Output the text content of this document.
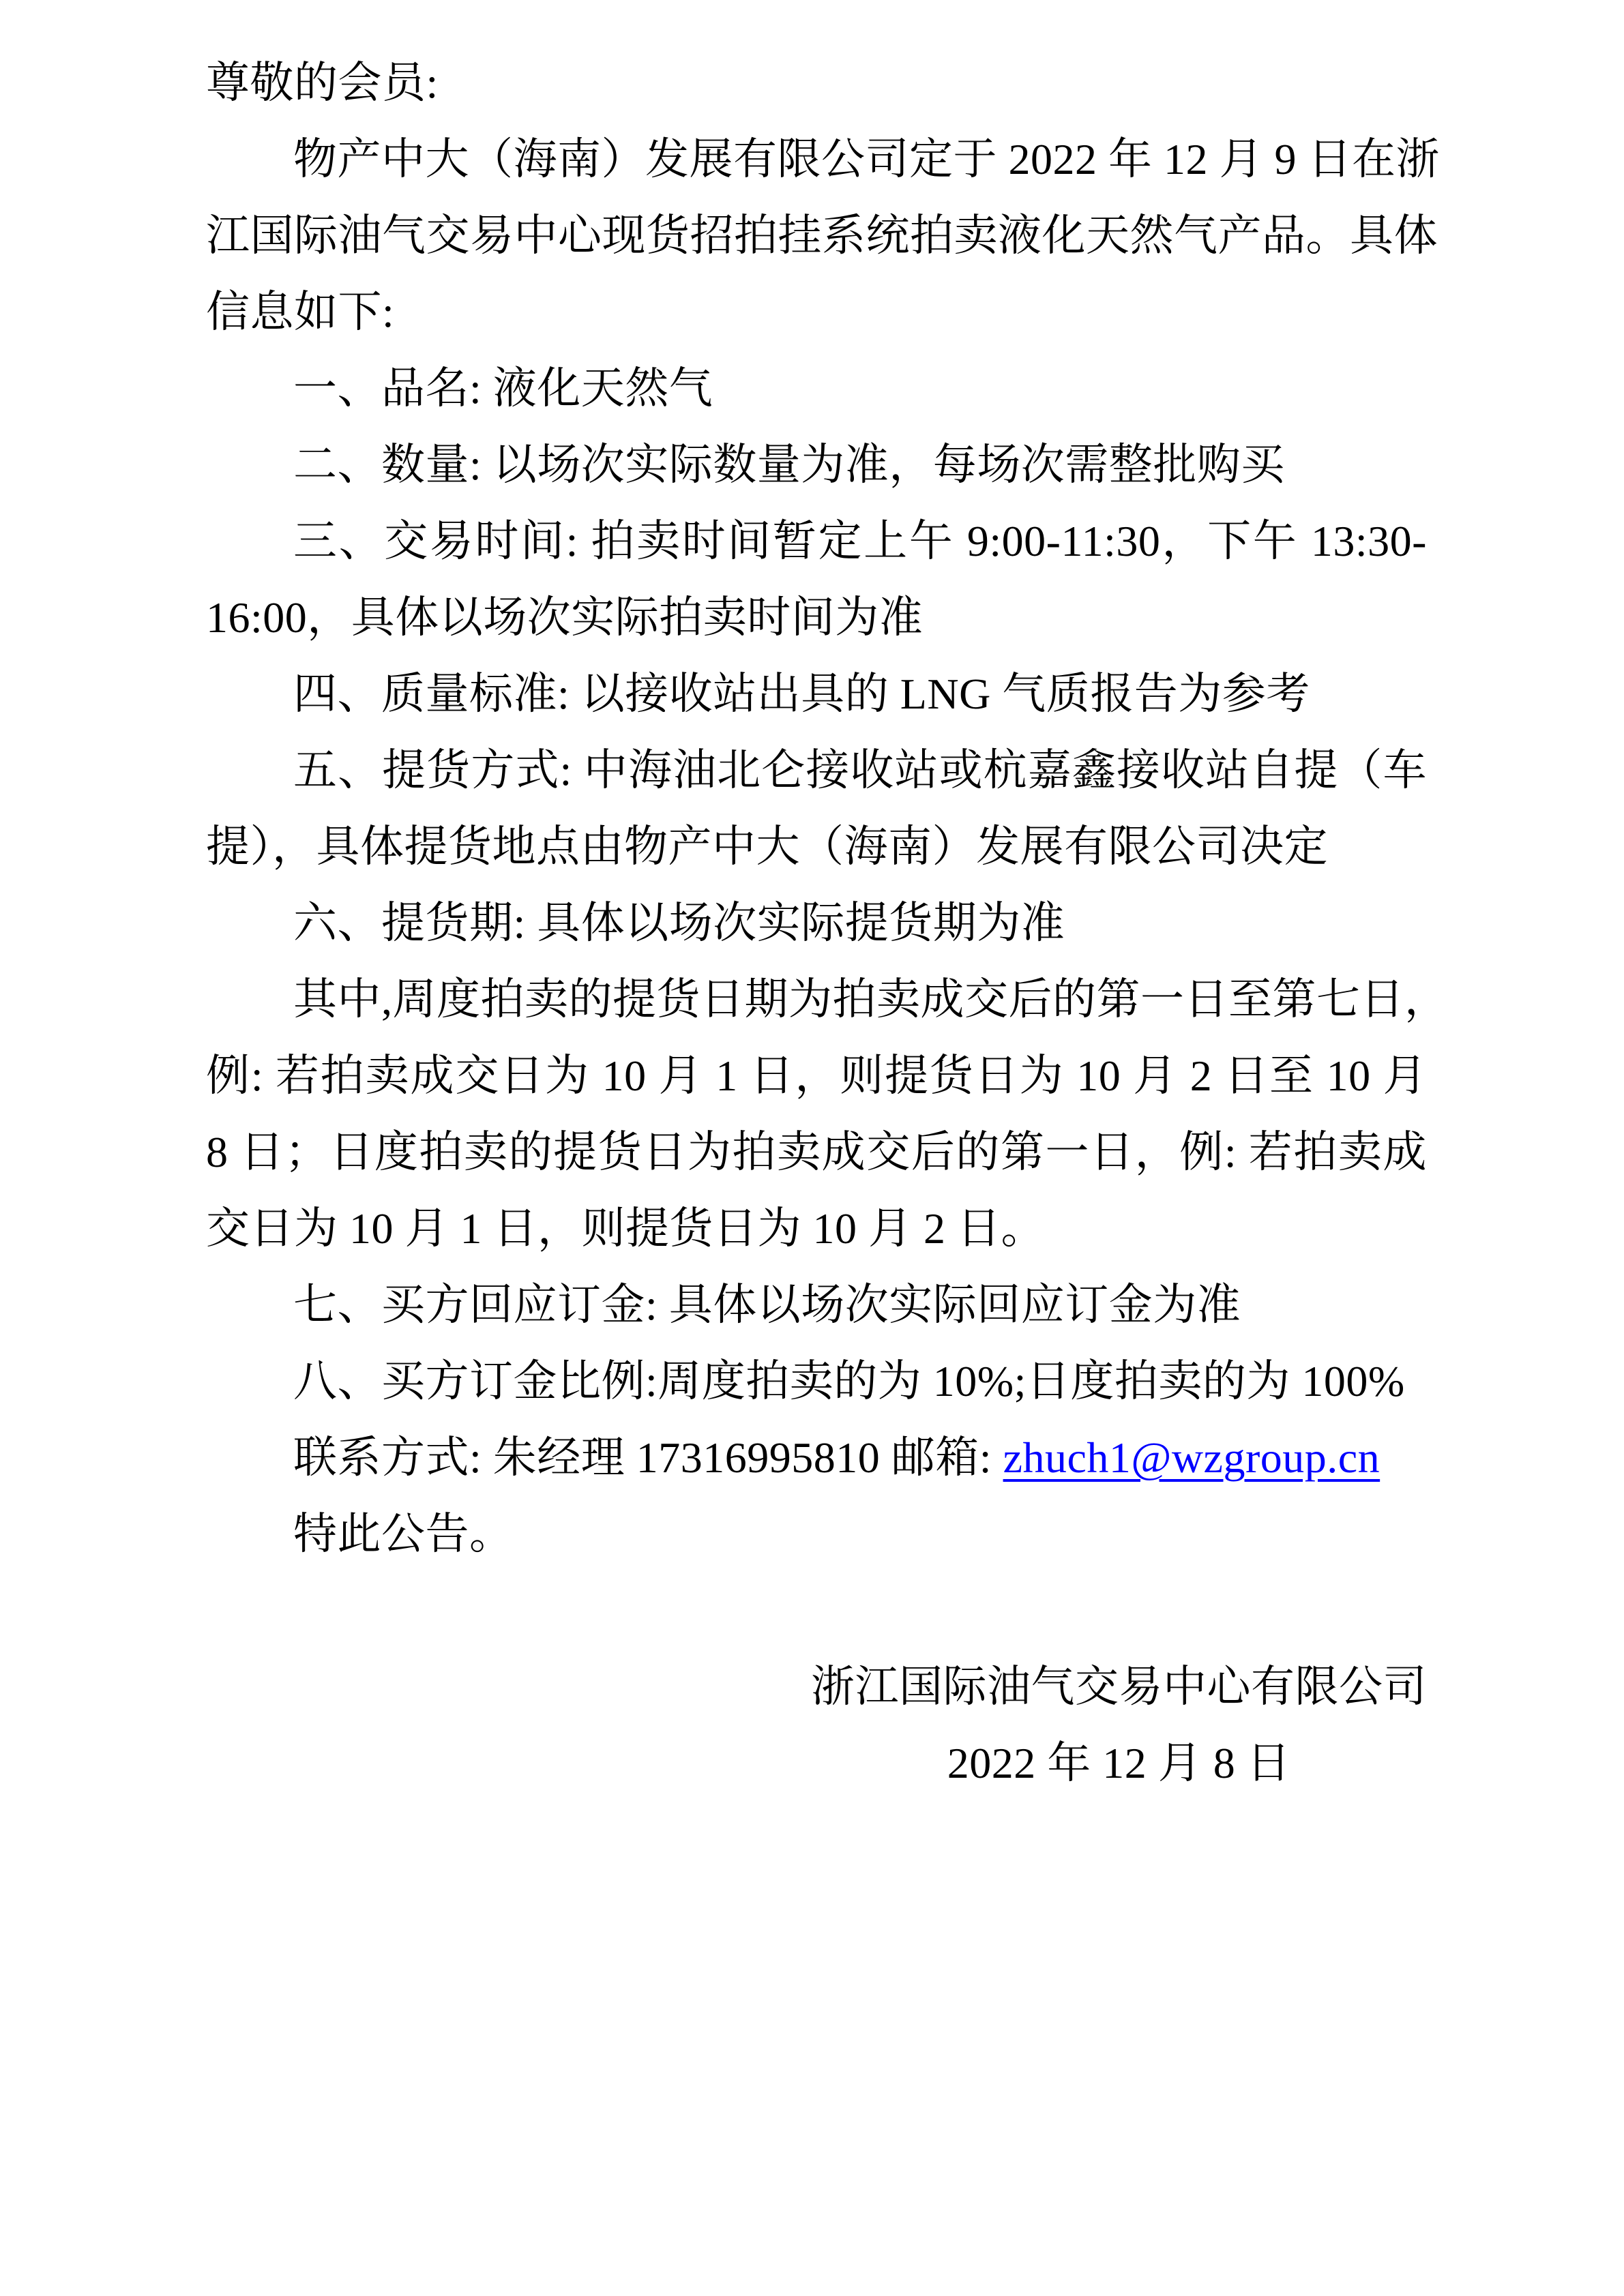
尊敬的会员:
物产中大（海南）发展有限公司定于 2022 年 12 月 9 日在浙
江国际油气交易中心现货招拍挂系统拍卖液化天然气产品。具体
信息如下:
一、品名: 液化天然气
二、数量: 以场次实际数量为准，每场次需整批购买
三、交易时间: 拍卖时间暂定上午 9:00-11:30，下午 13:30-
16:00，具体以场次实际拍卖时间为准
四、质量标准: 以接收站出具的 LNG 气质报告为参考
五、提货方式: 中海油北仑接收站或杭嘉鑫接收站自提（车
提），具体提货地点由物产中大（海南）发展有限公司决定
六、提货期: 具体以场次实际提货期为准
其中,周度拍卖的提货日期为拍卖成交后的第一日至第七日，
例: 若拍卖成交日为 10 月 1 日，则提货日为 10 月 2 日至 10 月
8 日；日度拍卖的提货日为拍卖成交后的第一日，例: 若拍卖成
交日为 10 月 1 日，则提货日为 10 月 2 日。
七、买方回应订金: 具体以场次实际回应订金为准
八、买方订金比例:周度拍卖的为 10%;日度拍卖的为 100%
联系方式: 朱经理 17316995810 邮箱: zhuch1@wzgroup.cn
特此公告。
浙江国际油气交易中心有限公司
2022 年 12 月 8 日
